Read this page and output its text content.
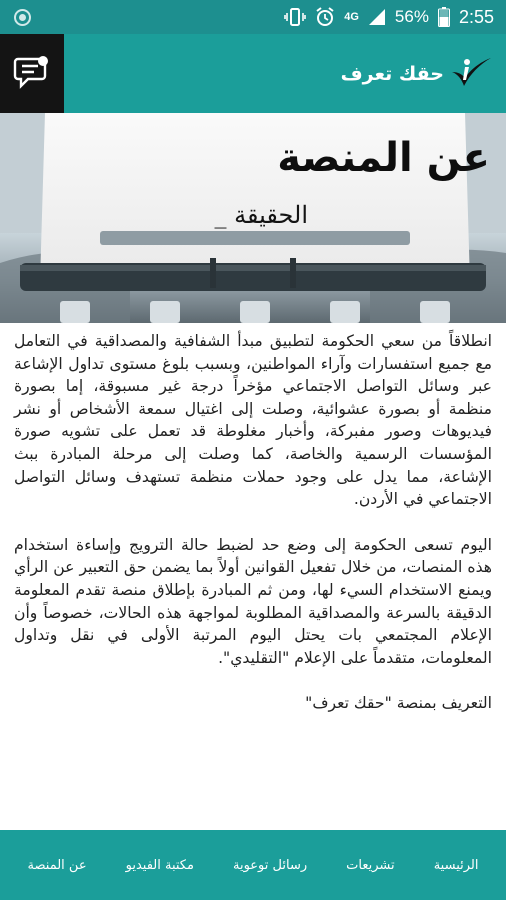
4G 56% 2:55
حقك تعرف
عن المنصة
الحقيقة _

انطلاقاً من سعي الحكومة لتطبيق مبدأ الشفافية والمصداقية في التعامل مع جميع استفسارات وآراء المواطنين، وبسبب بلوغ مستوى تداول الإشاعة عبر وسائل التواصل الاجتماعي مؤخراً درجة غير مسبوقة، إما بصورة منظمة أو بصورة عشوائية، وصلت إلى اغتيال سمعة الأشخاص أو نشر فيديوهات وصور مفبركة، وأخبار مغلوطة قد تعمل على تشويه صورة المؤسسات الرسمية والخاصة، كما وصلت إلى مرحلة المبادرة ببث الإشاعة، مما يدل على وجود حملات منظمة تستهدف وسائل التواصل الاجتماعي في الأردن.

اليوم تسعى الحكومة إلى وضع حد لضبط حالة الترويج وإساءة استخدام هذه المنصات، من خلال تفعيل القوانين أولاً بما يضمن حق التعبير عن الرأي ويمنع الاستخدام السيء لها، ومن ثم المبادرة بإطلاق منصة تقدم المعلومة الدقيقة بالسرعة والمصداقية المطلوبة لمواجهة هذه الحالات، خصوصاً وأن الإعلام المجتمعي بات يحتل اليوم المرتبة الأولى في نقل وتداول المعلومات، متقدماً على الإعلام "التقليدي".

التعريف بمنصة "حقك تعرف"

الرئيسية
تشريعات
رسائل توعوية
مكتبة الفيديو
عن المنصة
